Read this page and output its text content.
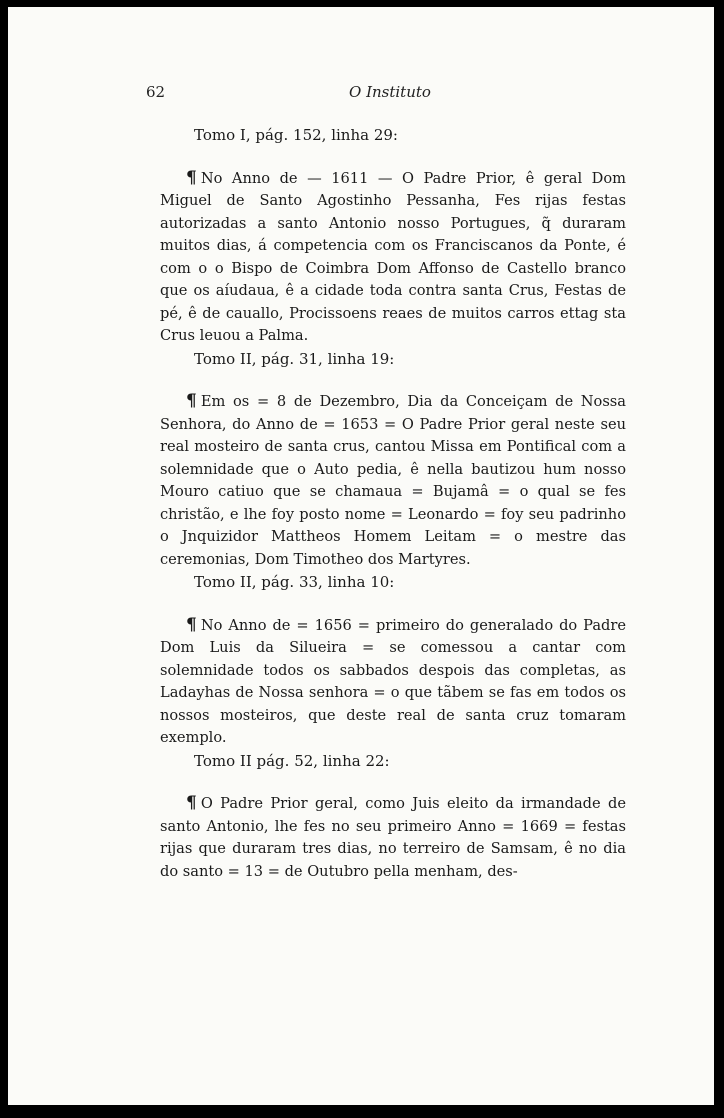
62	O Instituto

Tomo I, pág. 152, linha 29:

¶ No Anno de — 1611 — O Padre Prior, ê geral Dom Miguel de Santo Agostinho Pessanha, Fes rijas festas autorizadas a santo Antonio nosso Portugues, q̃ duraram muitos dias, á competencia com os Franciscanos da Ponte, é com o o Bispo de Coimbra Dom Affonso de Castello branco que os aíudaua, ê a cidade toda contra santa Crus, Festas de pé, ê de cauallo, Procissoens reaes de muitos carros ettag sta Crus leuou a Palma.

Tomo II, pág. 31, linha 19:

¶ Em os = 8 de Dezembro, Dia da Conceiçam de Nossa Senhora, do Anno de = 1653 = O Padre Prior geral neste seu real mosteiro de santa crus, cantou Missa em Pontifical com a solemnidade que o Auto pedia, ê nella bautizou hum nosso Mouro catiuo que se chamaua = Bujamâ = o qual se fes christão, e lhe foy posto nome = Leonardo = foy seu padrinho o Jnquizidor Mattheos Homem Leitam = o mestre das ceremonias, Dom Timotheo dos Martyres.

Tomo II, pág. 33, linha 10:

¶ No Anno de = 1656 = primeiro do generalado do Padre Dom Luis da Silueira = se comessou a cantar com solemnidade todos os sabbados despois das completas, as Ladayhas de Nossa senhora = o que tãbem se fas em todos os nossos mosteiros, que deste real de santa cruz tomaram exemplo.

Tomo II pág. 52, linha 22:

¶ O Padre Prior geral, como Juis eleito da irmandade de santo Antonio, lhe fes no seu primeiro Anno = 1669 = festas rijas que duraram tres dias, no terreiro de Samsam, ê no dia do santo = 13 = de Outubro pella menham, des-
